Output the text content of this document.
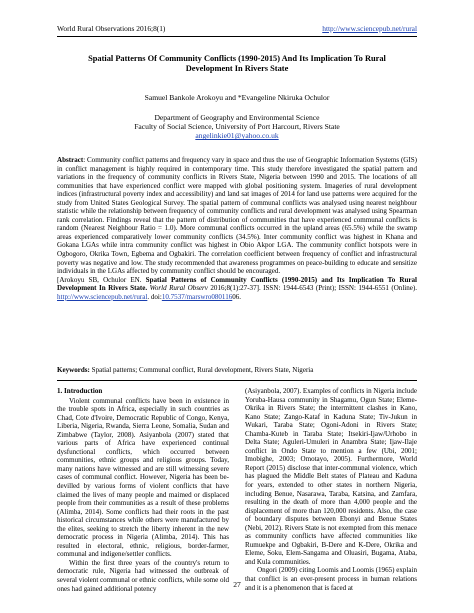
World Rural Observations 2016;8(1)	http://www.sciencepub.net/rural
Spatial Patterns Of Community Conflicts (1990-2015) And Its Implication To Rural Development In Rivers State
Samuel Bankole Arokoyu and *Evangeline Nkiruka Ochulor
Department of Geography and Environmental Science
Faculty of Social Science, University of Port Harcourt, Rivers State
angelinkie01@yahoo.co.uk
Abstract: Community conflict patterns and frequency vary in space and thus the use of Geographic Information Systems (GIS) in conflict management is highly required in contemporary time. This study therefore investigated the spatial pattern and variations in the frequency of community conflicts in Rivers State, Nigeria between 1990 and 2015. The locations of all communities that have experienced conflict were mapped with global positioning system. Imageries of rural development indices (infrastructural poverty index and accessibility) and land sat images of 2014 for land use patterns were acquired for the study from United States Geological Survey. The spatial pattern of communal conflicts was analysed using nearest neighbour statistic while the relationship between frequency of community conflicts and rural development was analysed using Spearman rank correlation. Findings reveal that the pattern of distribution of communities that have experienced communal conflicts is random (Nearest Neighbour Ratio = 1.0). More communal conflicts occurred in the upland areas (65.5%) while the swamp areas experienced comparatively lower community conflicts (34.5%). Inter community conflict was highest in Khana and Gokana LGAs while intra community conflict was highest in Obio Akpor LGA. The community conflict hotspots were in Ogbogoro, Okrika Town, Egbema and Ogbakiri. The correlation coefficient between frequency of conflict and infrastructural poverty was negative and low. The study recommended that awareness programmes on peace-building to educate and sensitize individuals in the LGAs affected by community conflict should be encouraged.
[Arokoyu SB, Ochulor EN. Spatial Patterns of Community Conflicts (1990-2015) and Its Implication To Rural Development In Rivers State. World Rural Observ 2016;8(1):27-37]. ISSN: 1944-6543 (Print); ISSN: 1944-6551 (Online). http://www.sciencepub.net/rural. doi:10.7537/marswro08011606.
Keywords: Spatial patterns; Communal conflict, Rural development, Rivers State, Nigeria
1. Introduction

Violent communal conflicts have been in existence in the trouble spots in Africa, especially in such countries as Chad, Cote d'Ivoire, Democratic Republic of Congo, Kenya, Liberia, Nigeria, Rwanda, Sierra Leone, Somalia, Sudan and Zimbabwe (Taylor, 2008). Asiyanbola (2007) stated that various parts of Africa have experienced continual dysfunctional conflicts, which occurred between communities, ethnic groups and religious groups. Today, many nations have witnessed and are still witnessing severe cases of communal conflict. However, Nigeria has been be-devilled by various forms of violent conflicts that have claimed the lives of many people and maimed or displaced people from their communities as a result of these problems (Alimba, 2014). Some conflicts had their roots in the past historical circumstances while others were manufactured by the elites, seeking to stretch the liberty inherent in the new democratic process in Nigeria (Alimba, 2014). This has resulted in electoral, ethnic, religious, border-farmer, communal and indigene/settler conflicts.

Within the first three years of the country's return to democratic rule, Nigeria had witnessed the outbreak of several violent communal or ethnic conflicts, while some old ones had gained additional potency

(Asiyanbola, 2007). Examples of conflicts in Nigeria include Yoruba-Hausa community in Shagamu, Ogun State; Eleme-Okrika in Rivers State; the intermittent clashes in Kano, Kano State; Zango-Kataf in Kaduna State; Tiv-Jukun in Wukari, Taraba State; Ogoni-Adoni in Rivers State; Chamba-Kuteb in Taraba State; Itsekiri-Ijaw/Urhobo in Delta State; Aguleri-Umuleri in Anambra State; Ijaw-Ilaje conflict in Ondo State to mention a few (Ubi, 2001; Imobighe, 2003; Omotayo, 2005). Furthermore, World Report (2015) disclose that inter-communal violence, which has plagued the Middle Belt states of Plateau and Kaduna for years, extended to other states in northern Nigeria, including Benue, Nasarawa, Taraba, Katsina, and Zamfara, resulting in the death of more than 4,000 people and the displacement of more than 120,000 residents. Also, the case of boundary disputes between Ebonyi and Benue States (Nebi, 2012). Rivers State is not exempted from this menace as community conflicts have affected communities like Rumuekpe and Ogbakiri, B-Dere and K-Dere, Okrika and Eleme, Soku, Elem-Sangama and Oluasiri, Bugama, Ataba, and Kula communities.

Ongori (2009) citing Loomis and Loomis (1965) explain that conflict is an ever-present process in human relations and it is a phenomenon that is faced at

27
